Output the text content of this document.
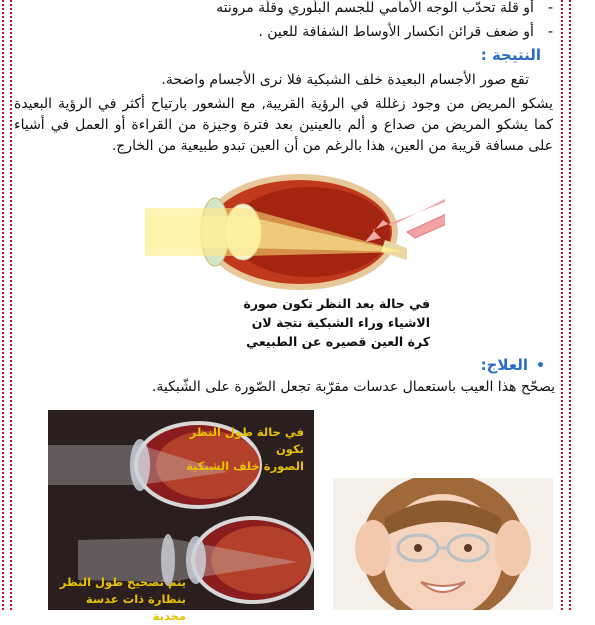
-أو قلة تحدّب الوجه الأمامي للجسم البلّوري وقلّة مرونته
-أو ضعف قرائن انكسار الأوساط الشفافة للعين .
النتيجة :
تقع صور الأجسام البعيدة خلف الشبكية فلا نرى الأجسام واضحة.
يشكو المريض من وجود زغللة في الرؤية القريبة, مع الشعور بارتياح أكثر في الرؤية البعيدة كما يشكو المريض من صداع و ألم بالعينين بعد فترة وجيزة من القراءة أو العمل في أشياء على مسافة قريبة من العين، هذا بالرغم من أن العين تبدو طبيعية من الخارج.
في حالة بعد النظر تكون صورة
الاشياء وراء الشبكية نتجة لان
كرة العين قصيره عن الطبيعي
•العلاج:
يصحّح هذا العيب باستعمال عدسات مقرّبة تجعل الصّورة على الشّبكية.
في حالة طول النظر تكون
الصورة خلف الشبكية
يتم تصحيح طول النظر
بنظارة ذات عدسة محدبة
